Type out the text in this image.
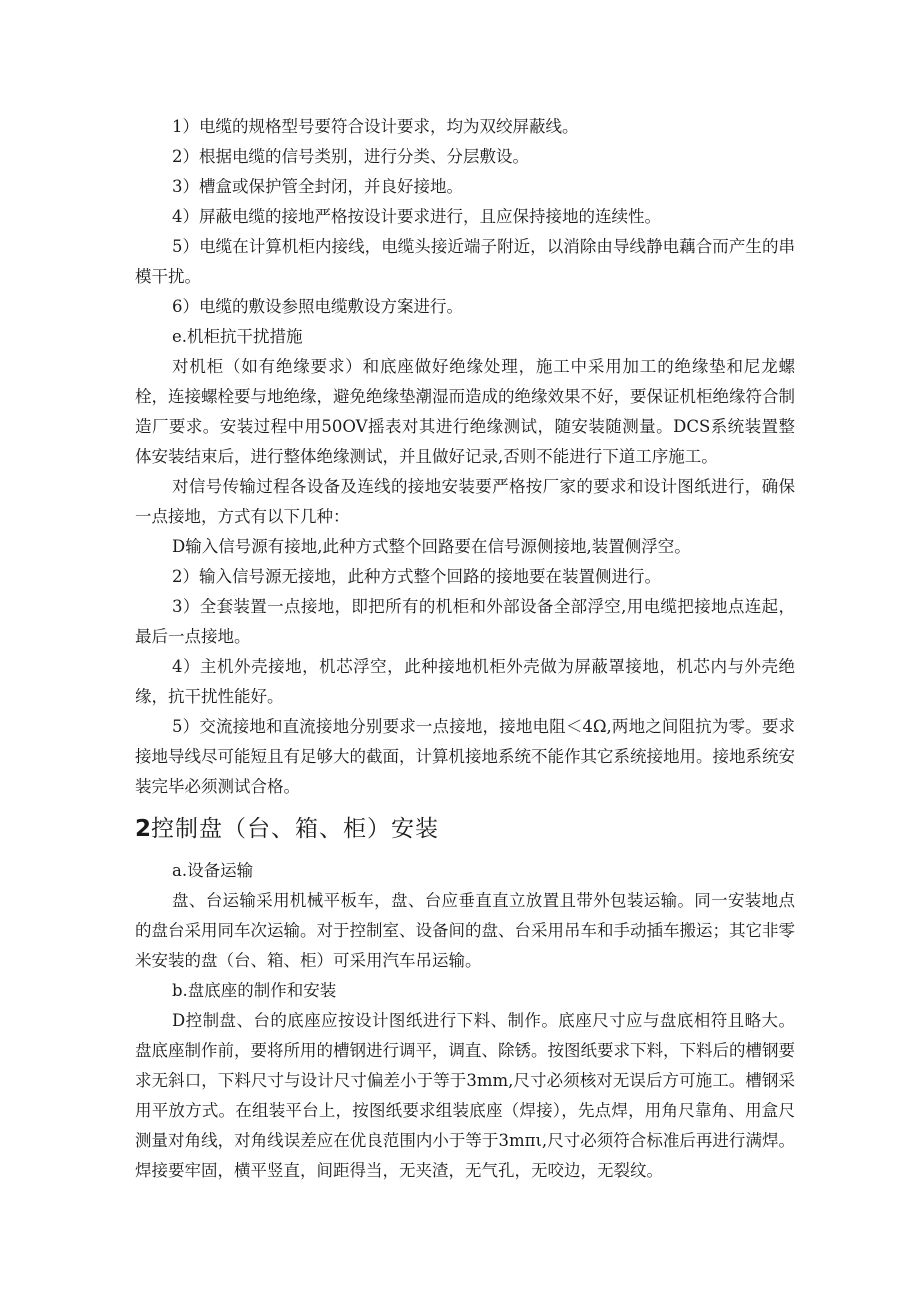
1）电缆的规格型号要符合设计要求，均为双绞屏蔽线。

2）根据电缆的信号类别，进行分类、分层敷设。

3）槽盒或保护管全封闭，并良好接地。

4）屏蔽电缆的接地严格按设计要求进行，且应保持接地的连续性。

5）电缆在计算机柜内接线，电缆头接近端子附近，以消除由导线静电藕合而产生的串模干扰。

6）电缆的敷设参照电缆敷设方案进行。

e.机柜抗干扰措施

对机柜（如有绝缘要求）和底座做好绝缘处理，施工中采用加工的绝缘垫和尼龙螺栓，连接螺栓要与地绝缘，避免绝缘垫潮湿而造成的绝缘效果不好，要保证机柜绝缘符合制造厂要求。安装过程中用50OV摇表对其进行绝缘测试，随安装随测量。DCS系统装置整体安装结束后，进行整体绝缘测试，并且做好记录,否则不能进行下道工序施工。

对信号传输过程各设备及连线的接地安装要严格按厂家的要求和设计图纸进行，确保一点接地，方式有以下几种：

D输入信号源有接地,此种方式整个回路要在信号源侧接地,装置侧浮空。

2）输入信号源无接地，此种方式整个回路的接地要在装置侧进行。

3）全套装置一点接地，即把所有的机柜和外部设备全部浮空,用电缆把接地点连起，最后一点接地。

4）主机外壳接地，机芯浮空，此种接地机柜外壳做为屏蔽罩接地，机芯内与外壳绝缘，抗干扰性能好。

5）交流接地和直流接地分别要求一点接地，接地电阻＜4Ω,两地之间阻抗为零。要求接地导线尽可能短且有足够大的截面，计算机接地系统不能作其它系统接地用。接地系统安装完毕必须测试合格。

2控制盘（台、箱、柜）安装

a.设备运输

盘、台运输采用机械平板车，盘、台应垂直直立放置且带外包装运输。同一安装地点的盘台采用同车次运输。对于控制室、设备间的盘、台采用吊车和手动插车搬运；其它非零米安装的盘（台、箱、柜）可采用汽车吊运输。

b.盘底座的制作和安装

D控制盘、台的底座应按设计图纸进行下料、制作。底座尺寸应与盘底相符且略大。盘底座制作前，要将所用的槽钢进行调平，调直、除锈。按图纸要求下料，下料后的槽钢要求无斜口，下料尺寸与设计尺寸偏差小于等于3mm,尺寸必须核对无误后方可施工。槽钢采用平放方式。在组装平台上，按图纸要求组装底座（焊接），先点焊，用角尺靠角、用盒尺测量对角线，对角线误差应在优良范围内小于等于3mπι,尺寸必须符合标准后再进行满焊。焊接要牢固，横平竖直，间距得当，无夹渣，无气孔，无咬边，无裂纹。
